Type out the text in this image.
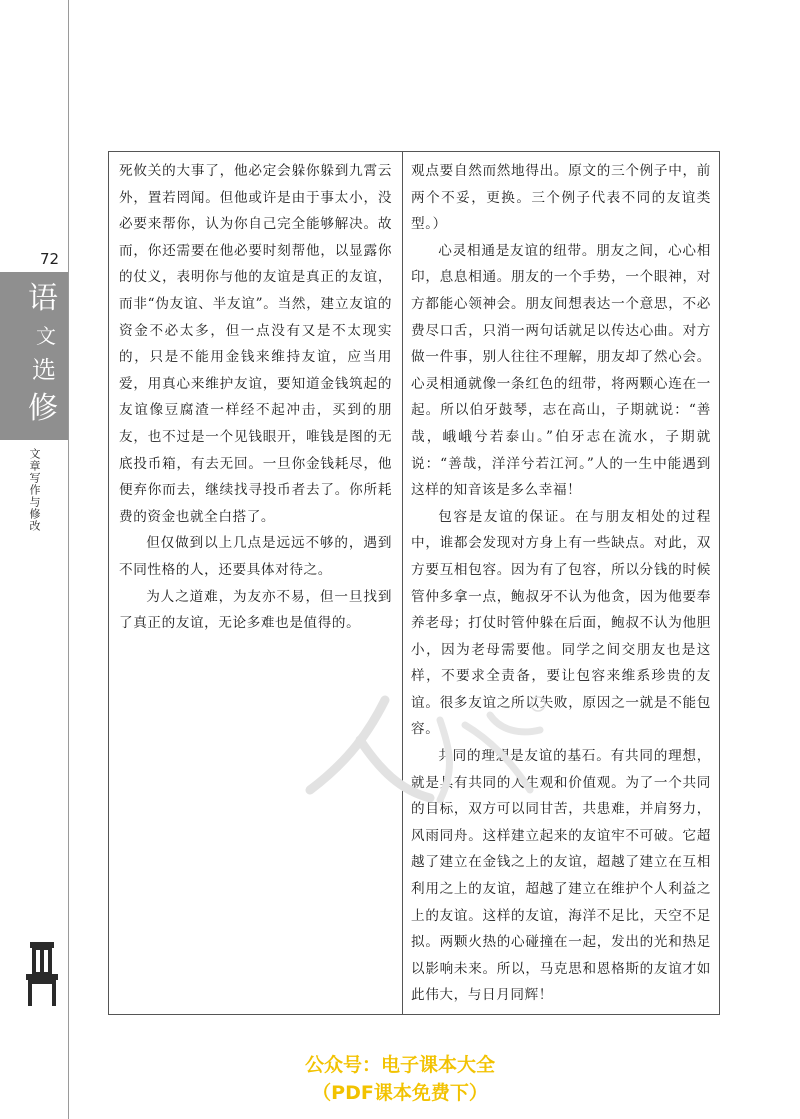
72
语
文
选
修
文章写作与修改

死攸关的大事了，他必定会躲你躲到九霄云外，置若罔闻。但他或许是由于事太小，没必要来帮你，认为你自己完全能够解决。故而，你还需要在他必要时刻帮他，以显露你的仗义，表明你与他的友谊是真正的友谊，而非“伪友谊、半友谊”。当然，建立友谊的资金不必太多，但一点没有又是不太现实的，只是不能用金钱来维持友谊，应当用爱，用真心来维护友谊，要知道金钱筑起的友谊像豆腐渣一样经不起冲击，买到的朋友，也不过是一个见钱眼开，唯钱是图的无底投币箱，有去无回。一旦你金钱耗尽，他便弃你而去，继续找寻投币者去了。你所耗费的资金也就全白搭了。

但仅做到以上几点是远远不够的，遇到不同性格的人，还要具体对待之。

为人之道难，为友亦不易，但一旦找到了真正的友谊，无论多难也是值得的。

观点要自然而然地得出。原文的三个例子中，前两个不妥，更换。三个例子代表不同的友谊类型。）

心灵相通是友谊的纽带。朋友之间，心心相印，息息相通。朋友的一个手势，一个眼神，对方都能心领神会。朋友间想表达一个意思，不必费尽口舌，只消一两句话就足以传达心曲。对方做一件事，别人往往不理解，朋友却了然心会。心灵相通就像一条红色的纽带，将两颗心连在一起。所以伯牙鼓琴，志在高山，子期就说：“善哉，峨峨兮若泰山。”伯牙志在流水，子期就说：“善哉，洋洋兮若江河。”人的一生中能遇到这样的知音该是多么幸福！

包容是友谊的保证。在与朋友相处的过程中，谁都会发现对方身上有一些缺点。对此，双方要互相包容。因为有了包容，所以分钱的时候管仲多拿一点，鲍叔牙不认为他贪，因为他要奉养老母；打仗时管仲躲在后面，鲍叔不认为他胆小，因为老母需要他。同学之间交朋友也是这样，不要求全责备，要让包容来维系珍贵的友谊。很多友谊之所以失败，原因之一就是不能包容。

共同的理想是友谊的基石。有共同的理想，就是具有共同的人生观和价值观。为了一个共同的目标，双方可以同甘苦，共患难，并肩努力，风雨同舟。这样建立起来的友谊牢不可破。它超越了建立在金钱之上的友谊，超越了建立在互相利用之上的友谊，超越了建立在维护个人利益之上的友谊。这样的友谊，海洋不足比，天空不足拟。两颗火热的心碰撞在一起，发出的光和热足以影响未来。所以，马克思和恩格斯的友谊才如此伟大，与日月同辉！

公众号：电子课本大全
（PDF课本免费下）
